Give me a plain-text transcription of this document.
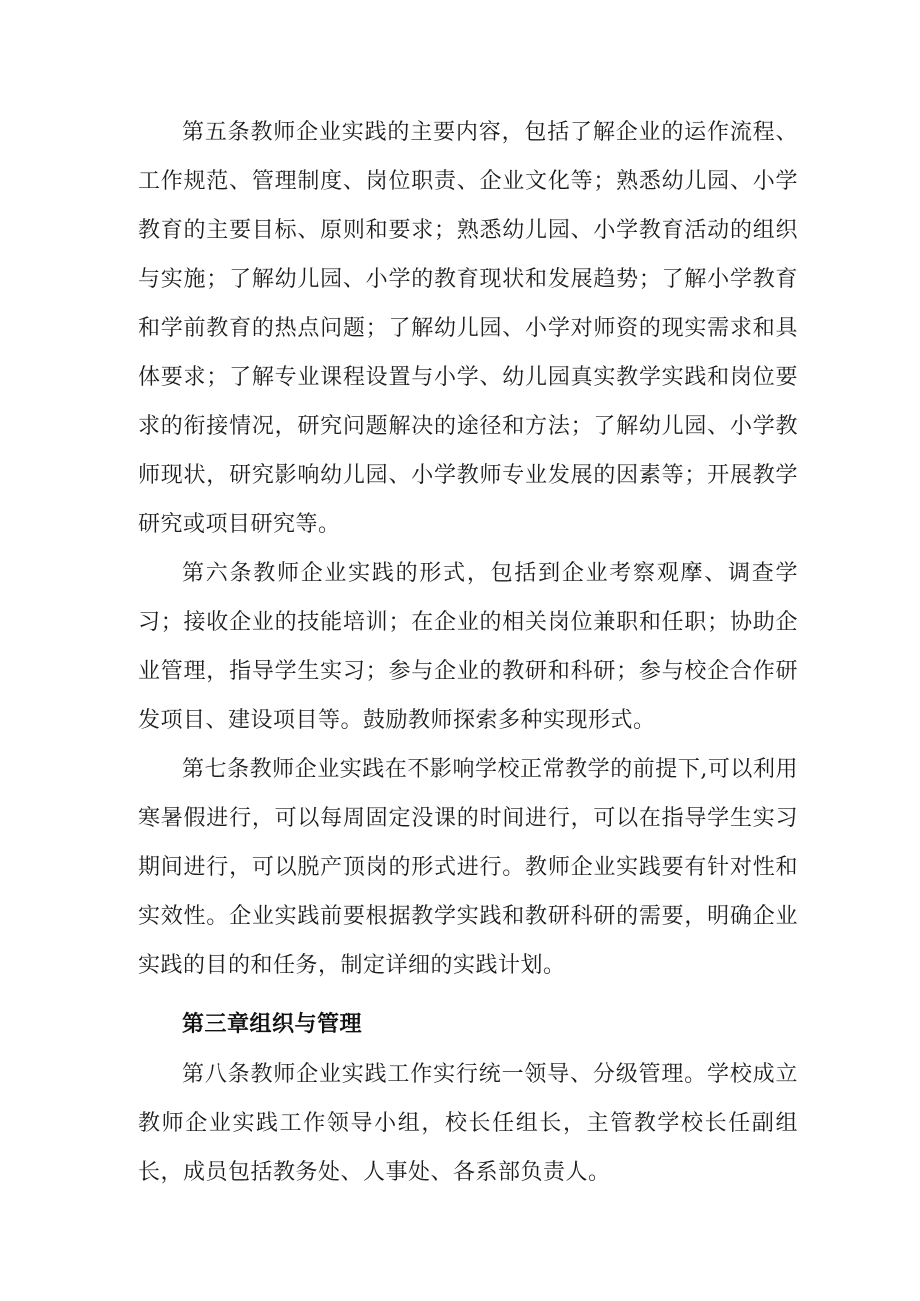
第五条教师企业实践的主要内容，包括了解企业的运作流程、工作规范、管理制度、岗位职责、企业文化等；熟悉幼儿园、小学教育的主要目标、原则和要求；熟悉幼儿园、小学教育活动的组织与实施；了解幼儿园、小学的教育现状和发展趋势；了解小学教育和学前教育的热点问题；了解幼儿园、小学对师资的现实需求和具体要求；了解专业课程设置与小学、幼儿园真实教学实践和岗位要求的衔接情况，研究问题解决的途径和方法；了解幼儿园、小学教师现状，研究影响幼儿园、小学教师专业发展的因素等；开展教学研究或项目研究等。

第六条教师企业实践的形式，包括到企业考察观摩、调查学习；接收企业的技能培训；在企业的相关岗位兼职和任职；协助企业管理，指导学生实习；参与企业的教研和科研；参与校企合作研发项目、建设项目等。鼓励教师探索多种实现形式。

第七条教师企业实践在不影响学校正常教学的前提下,可以利用寒暑假进行，可以每周固定没课的时间进行，可以在指导学生实习期间进行，可以脱产顶岗的形式进行。教师企业实践要有针对性和实效性。企业实践前要根据教学实践和教研科研的需要，明确企业实践的目的和任务，制定详细的实践计划。

第三章组织与管理

第八条教师企业实践工作实行统一领导、分级管理。学校成立教师企业实践工作领导小组，校长任组长，主管教学校长任副组长，成员包括教务处、人事处、各系部负责人。
